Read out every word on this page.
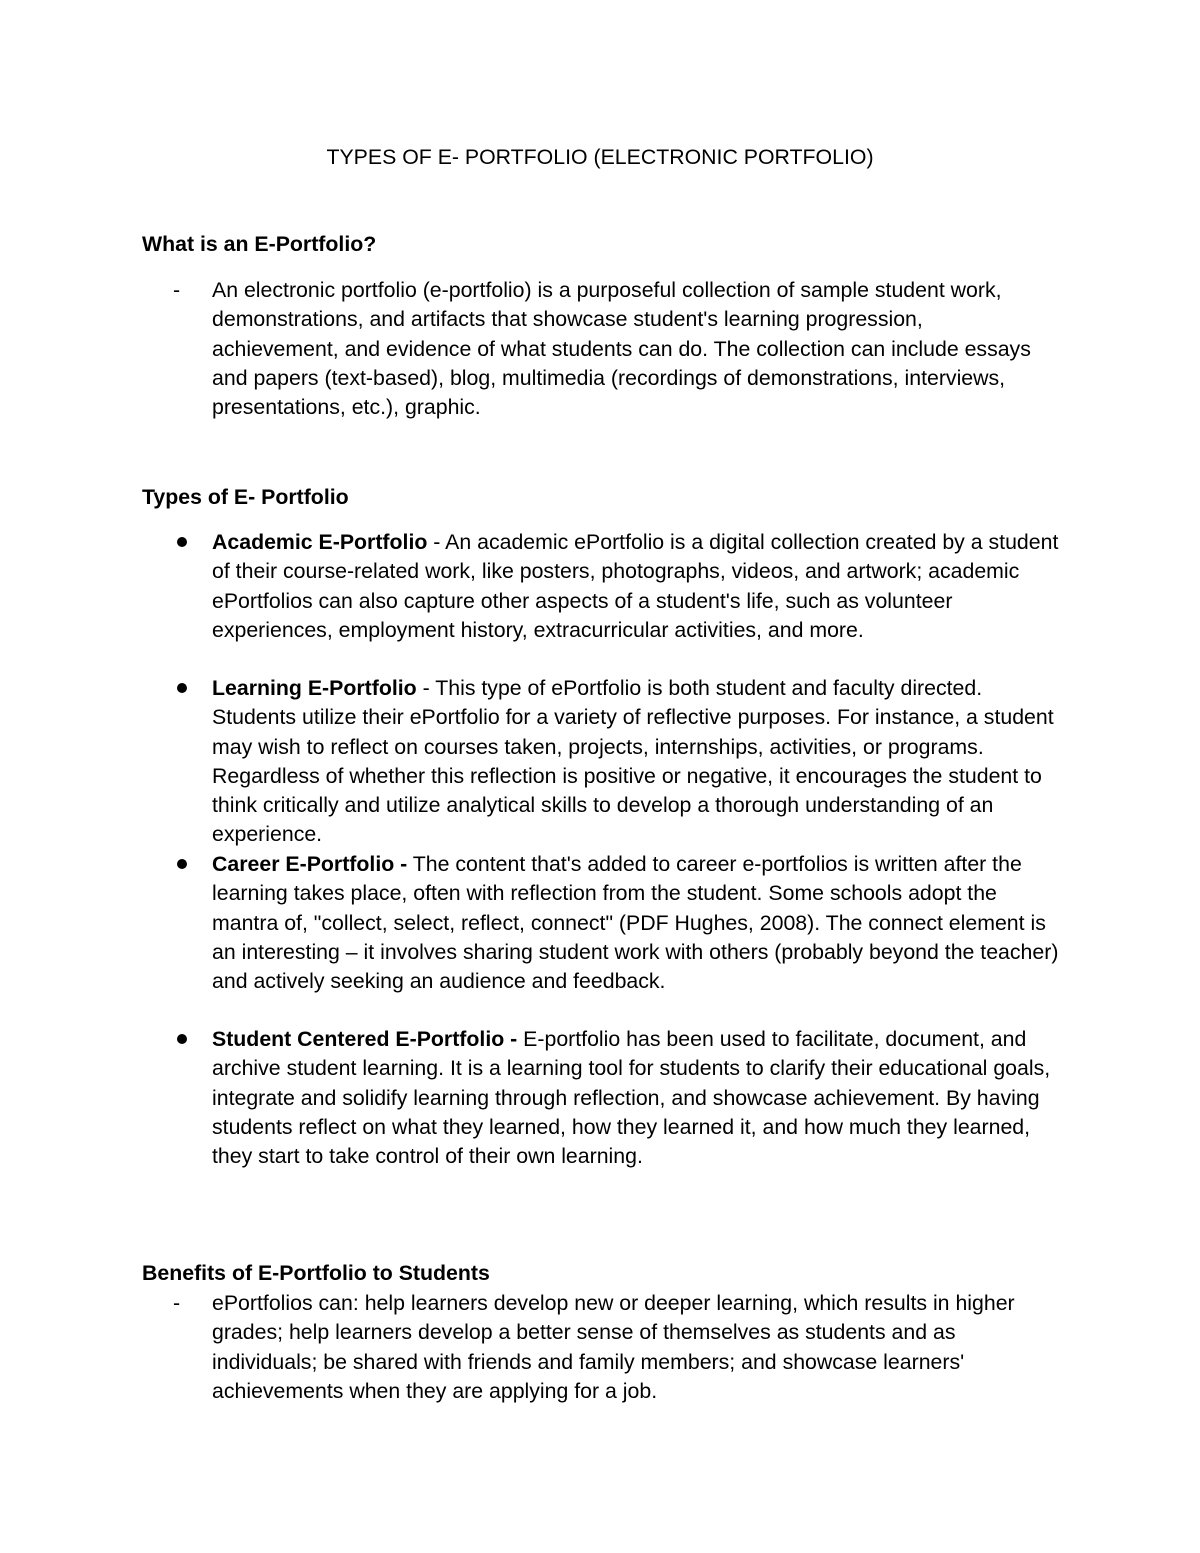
TYPES OF E- PORTFOLIO (ELECTRONIC PORTFOLIO)
What is an E-Portfolio?
-	An electronic portfolio (e-portfolio) is a purposeful collection of sample student work, demonstrations, and artifacts that showcase student's learning progression, achievement, and evidence of what students can do. The collection can include essays and papers (text-based), blog, multimedia (recordings of demonstrations, interviews, presentations, etc.), graphic.
Types of E- Portfolio
Academic E-Portfolio - An academic ePortfolio is a digital collection created by a student of their course-related work, like posters, photographs, videos, and artwork; academic ePortfolios can also capture other aspects of a student's life, such as volunteer experiences, employment history, extracurricular activities, and more.
Learning E-Portfolio - This type of ePortfolio is both student and faculty directed. Students utilize their ePortfolio for a variety of reflective purposes. For instance, a student may wish to reflect on courses taken, projects, internships, activities, or programs. Regardless of whether this reflection is positive or negative, it encourages the student to think critically and utilize analytical skills to develop a thorough understanding of an experience.
Career E-Portfolio - The content that's added to career e-portfolios is written after the learning takes place, often with reflection from the student. Some schools adopt the mantra of, "collect, select, reflect, connect" (PDF Hughes, 2008). The connect element is an interesting – it involves sharing student work with others (probably beyond the teacher) and actively seeking an audience and feedback.
Student Centered E-Portfolio - E-portfolio has been used to facilitate, document, and archive student learning. It is a learning tool for students to clarify their educational goals, integrate and solidify learning through reflection, and showcase achievement. By having students reflect on what they learned, how they learned it, and how much they learned, they start to take control of their own learning.
Benefits of E-Portfolio to Students
-	ePortfolios can: help learners develop new or deeper learning, which results in higher grades; help learners develop a better sense of themselves as students and as individuals; be shared with friends and family members; and showcase learners' achievements when they are applying for a job.
